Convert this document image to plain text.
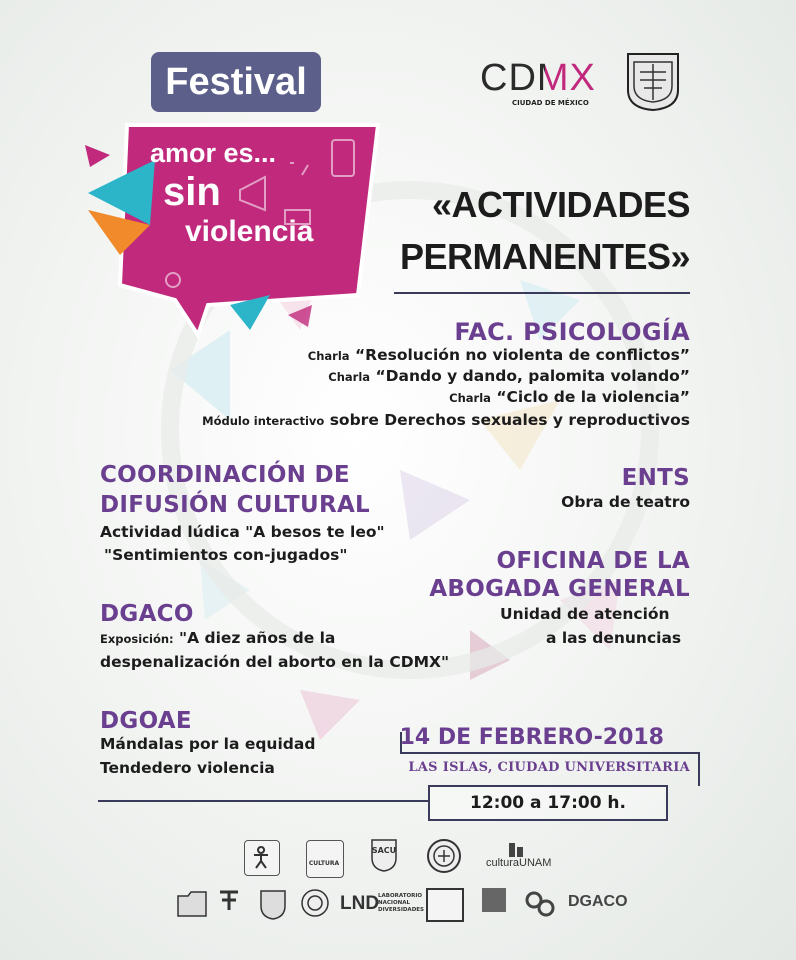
Festival
amor es...
sin
violencia
CDMX
CIUDAD DE MÉXICO
«ACTIVIDADES
PERMANENTES»
FAC. PSICOLOGÍA
Charla “Resolución no violenta de conflictos”
Charla “Dando y dando, palomita volando”
Charla “Ciclo de la violencia”
Módulo interactivo sobre Derechos sexuales y reproductivos
COORDINACIÓN DE
DIFUSIÓN CULTURAL
Actividad lúdica "A besos te leo"
"Sentimientos con-jugados"
ENTS
Obra de teatro
OFICINA DE LA
ABOGADA GENERAL
Unidad de atención
a las denuncias
DGACO
Exposición: "A diez años de la
despenalización del aborto en la CDMX"
DGOAE
Mándalas por la equidad
Tendedero violencia
14 DE FEBRERO-2018
LAS ISLAS, CIUDAD UNIVERSITARIA
12:00 a 17:00 h.
CULTURA
SACU
culturaUNAM
LND
LABORATORIO NACIONAL DIVERSIDADES	DGACO
